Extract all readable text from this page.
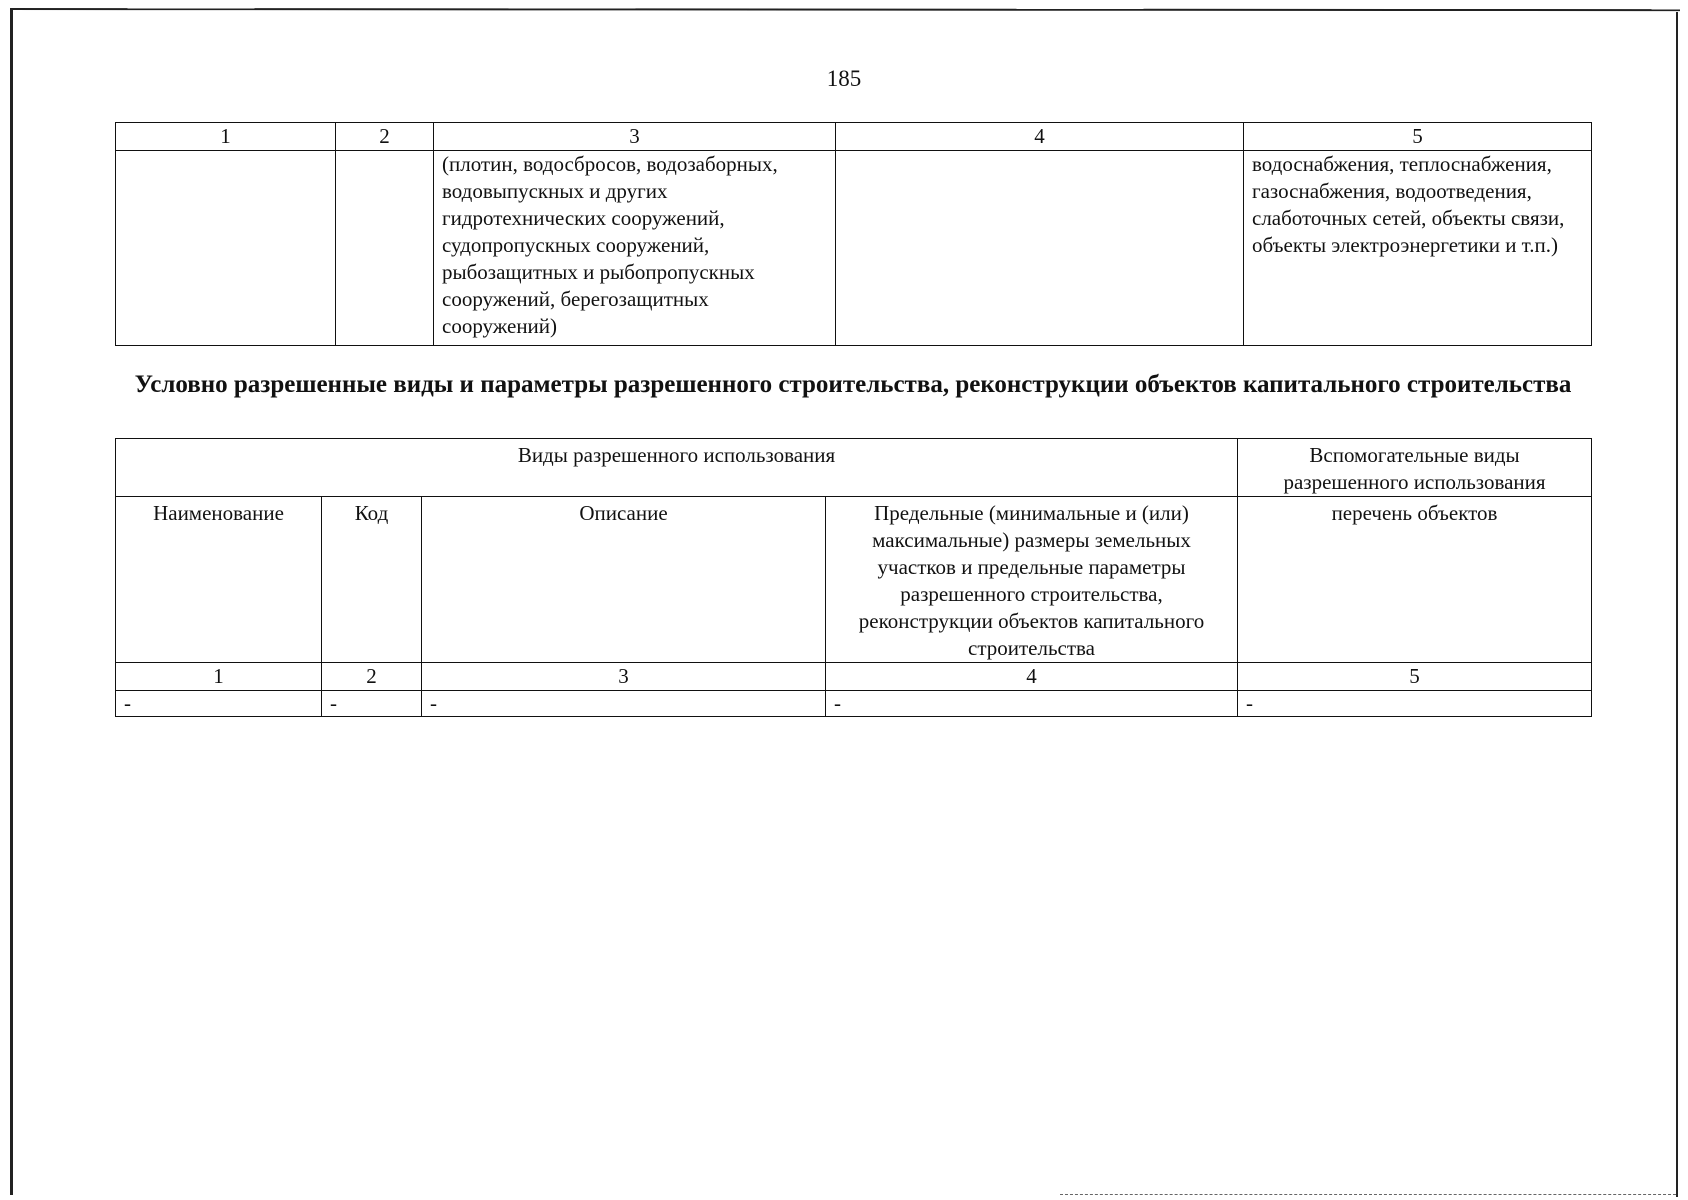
185
1	2	3	4	5
		(плотин, водосбросов, водозаборных, водовыпускных и других гидротехнических сооружений, судопропускных сооружений, рыбозащитных и рыбопропускных сооружений, берегозащитных сооружений)		водоснабжения, теплоснабжения, газоснабжения, водоотведения, слаботочных сетей, объекты связи, объекты электроэнергетики и т.п.)
Условно разрешенные виды и параметры разрешенного строительства, реконструкции объектов капитального строительства
Виды разрешенного использования				Вспомогательные виды разрешенного использования
Наименование	Код	Описание	Предельные (минимальные и (или) максимальные) размеры земельных участков и предельные параметры разрешенного строительства, реконструкции объектов капитального строительства	перечень объектов
1	2	3	4	5
-	-	-	-	-
